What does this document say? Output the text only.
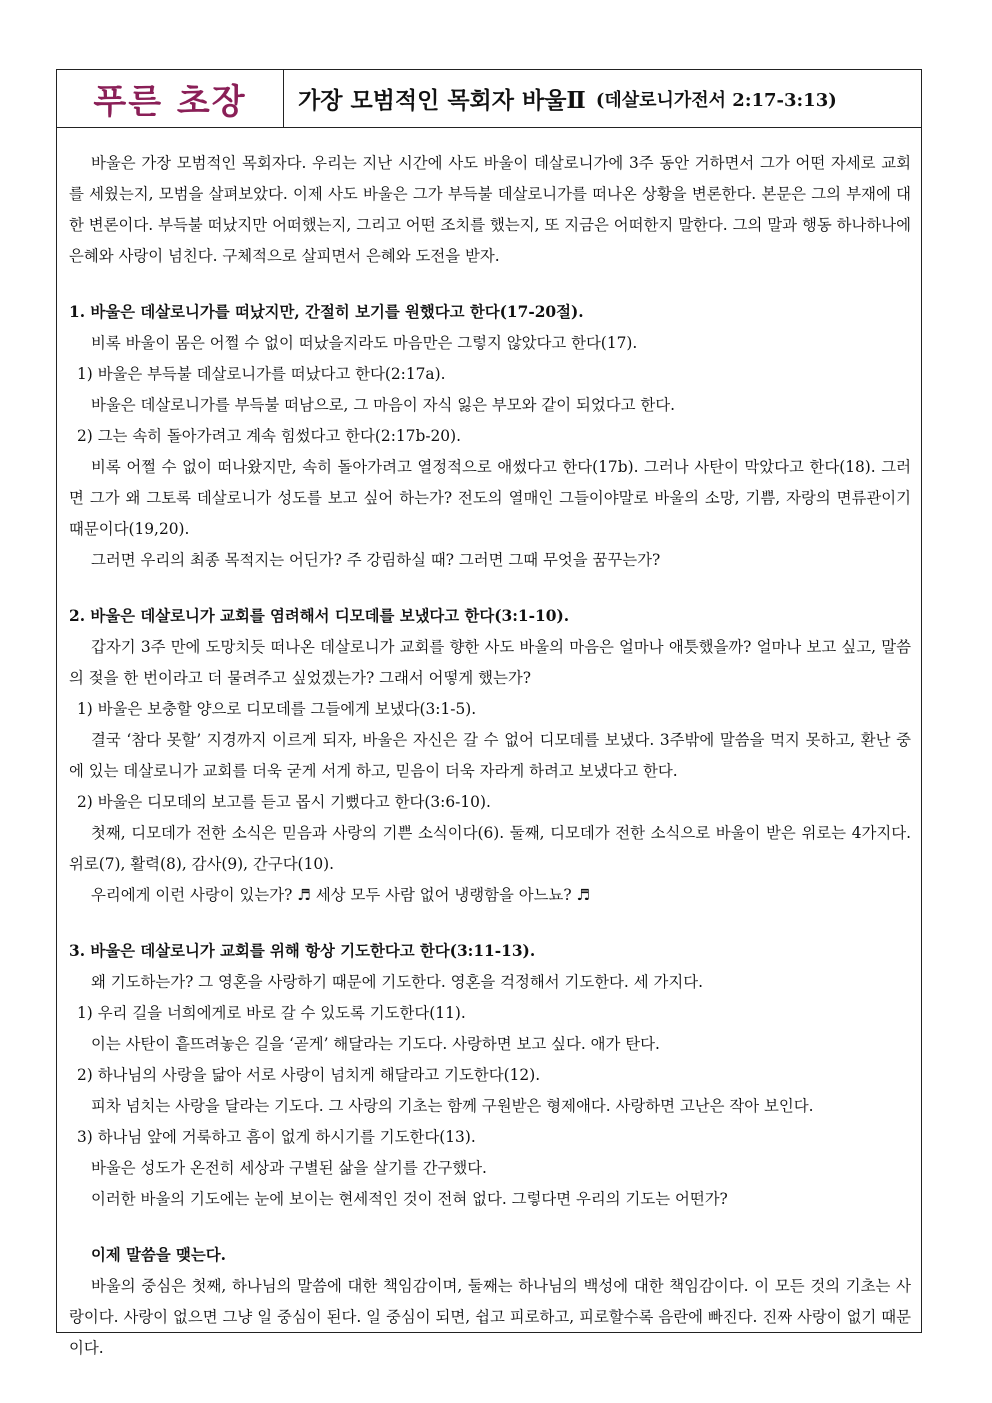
푸른 초장	가장 모범적인 목회자 바울Ⅱ (데살로니가전서 2:17-3:13)

바울은 가장 모범적인 목회자다. 우리는 지난 시간에 사도 바울이 데살로니가에 3주 동안 거하면서 그가 어떤 자세로 교회를 세웠는지, 모범을 살펴보았다. 이제 사도 바울은 그가 부득불 데살로니가를 떠나온 상황을 변론한다. 본문은 그의 부재에 대한 변론이다. 부득불 떠났지만 어떠했는지, 그리고 어떤 조치를 했는지, 또 지금은 어떠한지 말한다. 그의 말과 행동 하나하나에 은혜와 사랑이 넘친다. 구체적으로 살피면서 은혜와 도전을 받자.

1. 바울은 데살로니가를 떠났지만, 간절히 보기를 원했다고 한다(17-20절).

비록 바울이 몸은 어쩔 수 없이 떠났을지라도 마음만은 그렇지 않았다고 한다(17).

1) 바울은 부득불 데살로니가를 떠났다고 한다(2:17a).

바울은 데살로니가를 부득불 떠남으로, 그 마음이 자식 잃은 부모와 같이 되었다고 한다.

2) 그는 속히 돌아가려고 계속 힘썼다고 한다(2:17b-20).

비록 어쩔 수 없이 떠나왔지만, 속히 돌아가려고 열정적으로 애썼다고 한다(17b). 그러나 사탄이 막았다고 한다(18). 그러면 그가 왜 그토록 데살로니가 성도를 보고 싶어 하는가? 전도의 열매인 그들이야말로 바울의 소망, 기쁨, 자랑의 면류관이기 때문이다(19,20).

그러면 우리의 최종 목적지는 어딘가? 주 강림하실 때? 그러면 그때 무엇을 꿈꾸는가?

2. 바울은 데살로니가 교회를 염려해서 디모데를 보냈다고 한다(3:1-10).

갑자기 3주 만에 도망치듯 떠나온 데살로니가 교회를 향한 사도 바울의 마음은 얼마나 애틋했을까? 얼마나 보고 싶고, 말씀의 젖을 한 번이라고 더 물려주고 싶었겠는가? 그래서 어떻게 했는가?

1) 바울은 보충할 양으로 디모데를 그들에게 보냈다(3:1-5).

결국 ‘참다 못할’ 지경까지 이르게 되자, 바울은 자신은 갈 수 없어 디모데를 보냈다. 3주밖에 말씀을 먹지 못하고, 환난 중에 있는 데살로니가 교회를 더욱 굳게 서게 하고, 믿음이 더욱 자라게 하려고 보냈다고 한다.

2) 바울은 디모데의 보고를 듣고 몹시 기뻤다고 한다(3:6-10).

첫째, 디모데가 전한 소식은 믿음과 사랑의 기쁜 소식이다(6). 둘째, 디모데가 전한 소식으로 바울이 받은 위로는 4가지다. 위로(7), 활력(8), 감사(9), 간구다(10).

우리에게 이런 사랑이 있는가? ♬ 세상 모두 사람 없어 냉랭함을 아느뇨? ♬

3. 바울은 데살로니가 교회를 위해 항상 기도한다고 한다(3:11-13).

왜 기도하는가? 그 영혼을 사랑하기 때문에 기도한다. 영혼을 걱정해서 기도한다. 세 가지다.

1) 우리 길을 너희에게로 바로 갈 수 있도록 기도한다(11).

이는 사탄이 흩뜨려놓은 길을 ‘곧게’ 해달라는 기도다. 사랑하면 보고 싶다. 애가 탄다.

2) 하나님의 사랑을 닮아 서로 사랑이 넘치게 해달라고 기도한다(12).

피차 넘치는 사랑을 달라는 기도다. 그 사랑의 기초는 함께 구원받은 형제애다. 사랑하면 고난은 작아 보인다.

3) 하나님 앞에 거룩하고 흠이 없게 하시기를 기도한다(13).

바울은 성도가 온전히 세상과 구별된 삶을 살기를 간구했다.

이러한 바울의 기도에는 눈에 보이는 현세적인 것이 전혀 없다. 그렇다면 우리의 기도는 어떤가?

이제 말씀을 맺는다.

바울의 중심은 첫째, 하나님의 말씀에 대한 책임감이며, 둘째는 하나님의 백성에 대한 책임감이다. 이 모든 것의 기초는 사랑이다. 사랑이 없으면 그냥 일 중심이 된다. 일 중심이 되면, 쉽고 피로하고, 피로할수록 음란에 빠진다. 진짜 사랑이 없기 때문이다.
